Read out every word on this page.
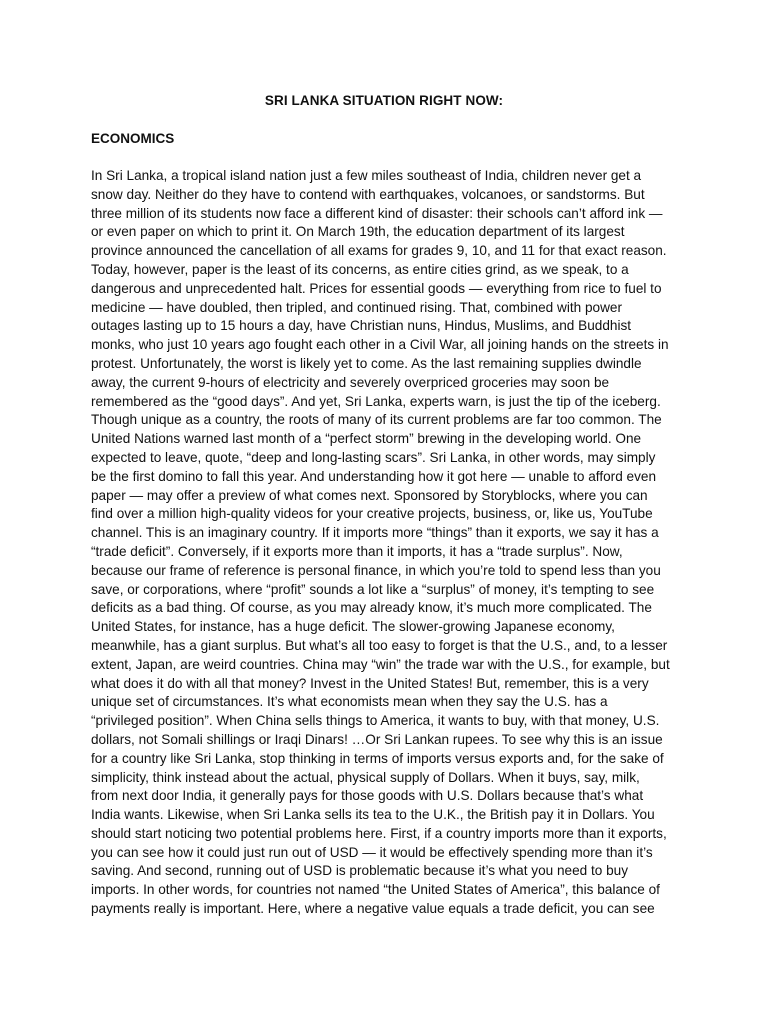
SRI LANKA SITUATION RIGHT NOW:
ECONOMICS
In Sri Lanka, a tropical island nation just a few miles southeast of India, children never get a
snow day. Neither do they have to contend with earthquakes, volcanoes, or sandstorms. But
three million of its students now face a different kind of disaster: their schools can’t afford ink —
or even paper on which to print it. On March 19th, the education department of its largest
province announced the cancellation of all exams for grades 9, 10, and 11 for that exact reason.
Today, however, paper is the least of its concerns, as entire cities grind, as we speak, to a
dangerous and unprecedented halt. Prices for essential goods — everything from rice to fuel to
medicine — have doubled, then tripled, and continued rising. That, combined with power
outages lasting up to 15 hours a day, have Christian nuns, Hindus, Muslims, and Buddhist
monks, who just 10 years ago fought each other in a Civil War, all joining hands on the streets in
protest. Unfortunately, the worst is likely yet to come. As the last remaining supplies dwindle
away, the current 9-hours of electricity and severely overpriced groceries may soon be
remembered as the “good days”. And yet, Sri Lanka, experts warn, is just the tip of the iceberg.
Though unique as a country, the roots of many of its current problems are far too common. The
United Nations warned last month of a “perfect storm” brewing in the developing world. One
expected to leave, quote, “deep and long-lasting scars”. Sri Lanka, in other words, may simply
be the first domino to fall this year. And understanding how it got here — unable to afford even
paper — may offer a preview of what comes next. Sponsored by Storyblocks, where you can
find over a million high-quality videos for your creative projects, business, or, like us, YouTube
channel. This is an imaginary country. If it imports more “things” than it exports, we say it has a
“trade deficit”. Conversely, if it exports more than it imports, it has a “trade surplus”. Now,
because our frame of reference is personal finance, in which you’re told to spend less than you
save, or corporations, where “profit” sounds a lot like a “surplus” of money, it’s tempting to see
deficits as a bad thing. Of course, as you may already know, it’s much more complicated. The
United States, for instance, has a huge deficit. The slower-growing Japanese economy,
meanwhile, has a giant surplus. But what’s all too easy to forget is that the U.S., and, to a lesser
extent, Japan, are weird countries. China may “win” the trade war with the U.S., for example, but
what does it do with all that money? Invest in the United States! But, remember, this is a very
unique set of circumstances. It’s what economists mean when they say the U.S. has a
“privileged position”. When China sells things to America, it wants to buy, with that money, U.S.
dollars, not Somali shillings or Iraqi Dinars! …Or Sri Lankan rupees. To see why this is an issue
for a country like Sri Lanka, stop thinking in terms of imports versus exports and, for the sake of
simplicity, think instead about the actual, physical supply of Dollars. When it buys, say, milk,
from next door India, it generally pays for those goods with U.S. Dollars because that’s what
India wants. Likewise, when Sri Lanka sells its tea to the U.K., the British pay it in Dollars. You
should start noticing two potential problems here. First, if a country imports more than it exports,
you can see how it could just run out of USD — it would be effectively spending more than it’s
saving. And second, running out of USD is problematic because it’s what you need to buy
imports. In other words, for countries not named “the United States of America”, this balance of
payments really is important. Here, where a negative value equals a trade deficit, you can see
